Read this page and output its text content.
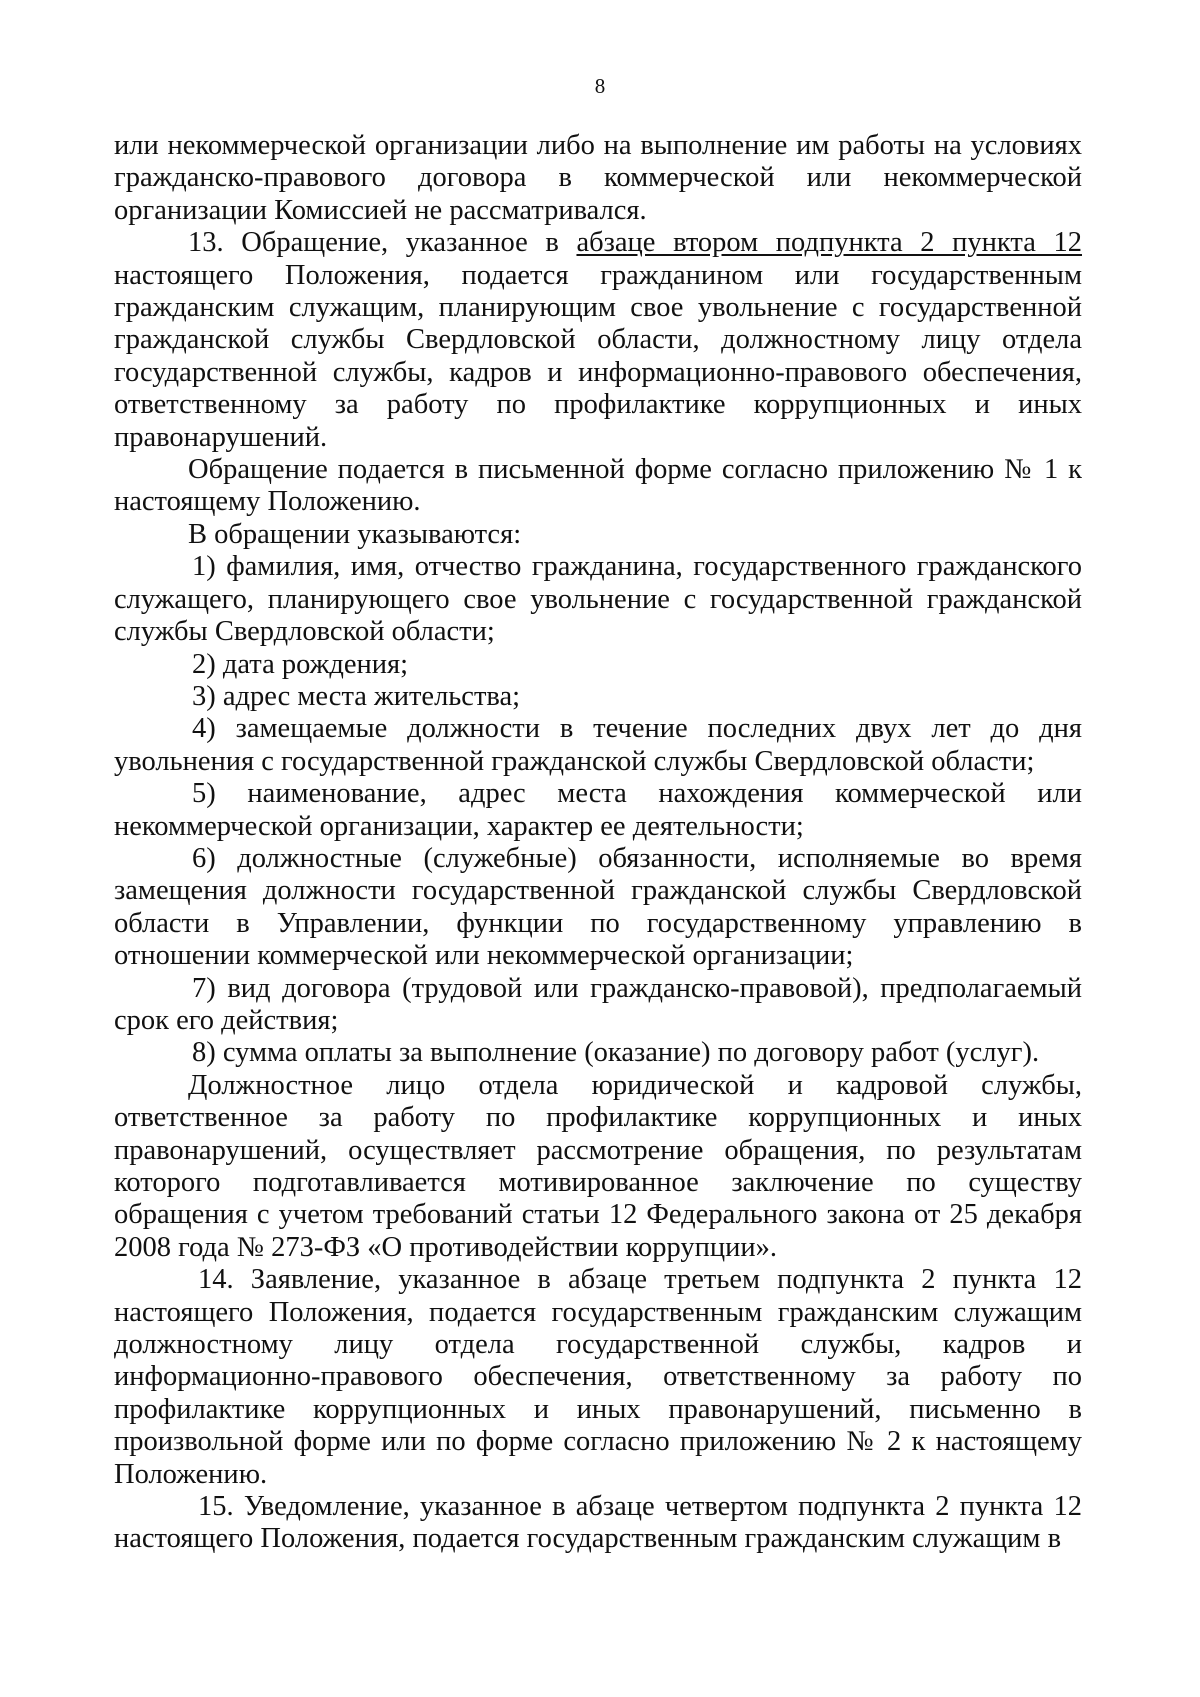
8

или некоммерческой организации либо на выполнение им работы на условиях гражданско-правового договора в коммерческой или некоммерческой организации Комиссией не рассматривался.

13. Обращение, указанное в абзаце втором подпункта 2 пункта 12 настоящего Положения, подается гражданином или государственным гражданским служащим, планирующим свое увольнение с государственной гражданской службы Свердловской области, должностному лицу отдела государственной службы, кадров и информационно-правового обеспечения, ответственному за работу по профилактике коррупционных и иных правонарушений.

Обращение подается в письменной форме согласно приложению № 1 к настоящему Положению.

В обращении указываются:

1) фамилия, имя, отчество гражданина, государственного гражданского служащего, планирующего свое увольнение с государственной гражданской службы Свердловской области;

2) дата рождения;

3) адрес места жительства;

4) замещаемые должности в течение последних двух лет до дня увольнения с государственной гражданской службы Свердловской области;

5) наименование, адрес места нахождения коммерческой или некоммерческой организации, характер ее деятельности;

6) должностные (служебные) обязанности, исполняемые во время замещения должности государственной гражданской службы Свердловской области в Управлении, функции по государственному управлению в отношении коммерческой или некоммерческой организации;

7) вид договора (трудовой или гражданско-правовой), предполагаемый срок его действия;

8) сумма оплаты за выполнение (оказание) по договору работ (услуг).

Должностное лицо отдела юридической и кадровой службы, ответственное за работу по профилактике коррупционных и иных правонарушений, осуществляет рассмотрение обращения, по результатам которого подготавливается мотивированное заключение по существу обращения с учетом требований статьи 12 Федерального закона от 25 декабря 2008 года № 273-ФЗ «О противодействии коррупции».

14. Заявление, указанное в абзаце третьем подпункта 2 пункта 12 настоящего Положения, подается государственным гражданским служащим должностному лицу отдела государственной службы, кадров и информационно-правового обеспечения, ответственному за работу по профилактике коррупционных и иных правонарушений, письменно в произвольной форме или по форме согласно приложению № 2 к настоящему Положению.

15. Уведомление, указанное в абзаце четвертом подпункта 2 пункта 12 настоящего Положения, подается государственным гражданским служащим в
